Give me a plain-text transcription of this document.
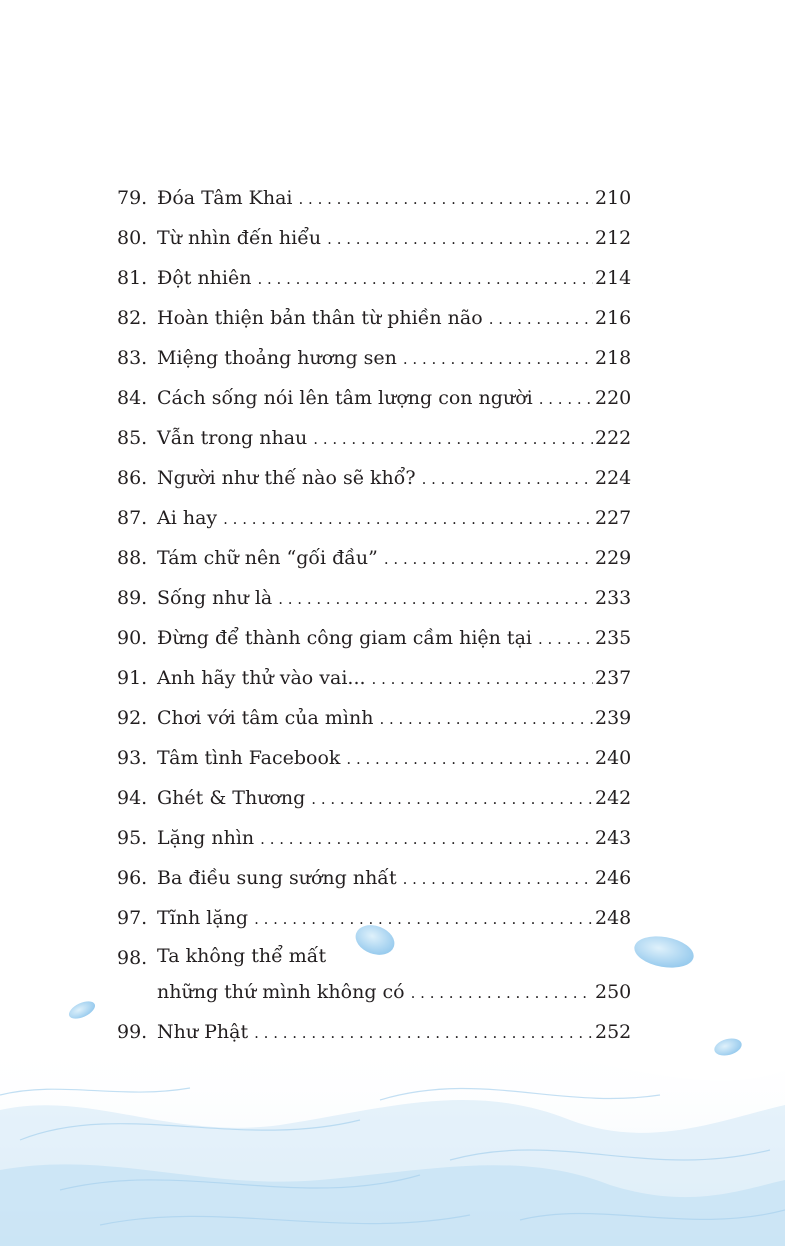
79. Đóa Tâm Khai . . .	210
80. Từ nhìn đến hiểu . . .	212
81. Đột nhiên . . .	214
82. Hoàn thiện bản thân từ phiền não . . .	216
83. Miệng thoảng hương sen . . .	218
84. Cách sống nói lên tâm lượng con người . . .	220
85. Vẫn trong nhau . . .	222
86. Người như thế nào sẽ khổ? . . .	224
87. Ai hay . . .	227
88. Tám chữ nên “gối đầu” . . .	229
89. Sống như là . . .	233
90. Đừng để thành công giam cầm hiện tại . . .	235
91. Anh hãy thử vào vai... . . .	237
92. Chơi với tâm của mình . . .	239
93. Tâm tình Facebook . . .	240
94. Ghét & Thương . . .	242
95. Lặng nhìn . . .	243
96. Ba điều sung sướng nhất . . .	246
97. Tĩnh lặng . . .	248
98. Ta không thể mất
những thứ mình không có . . .	250
99. Như Phật . . .	252
